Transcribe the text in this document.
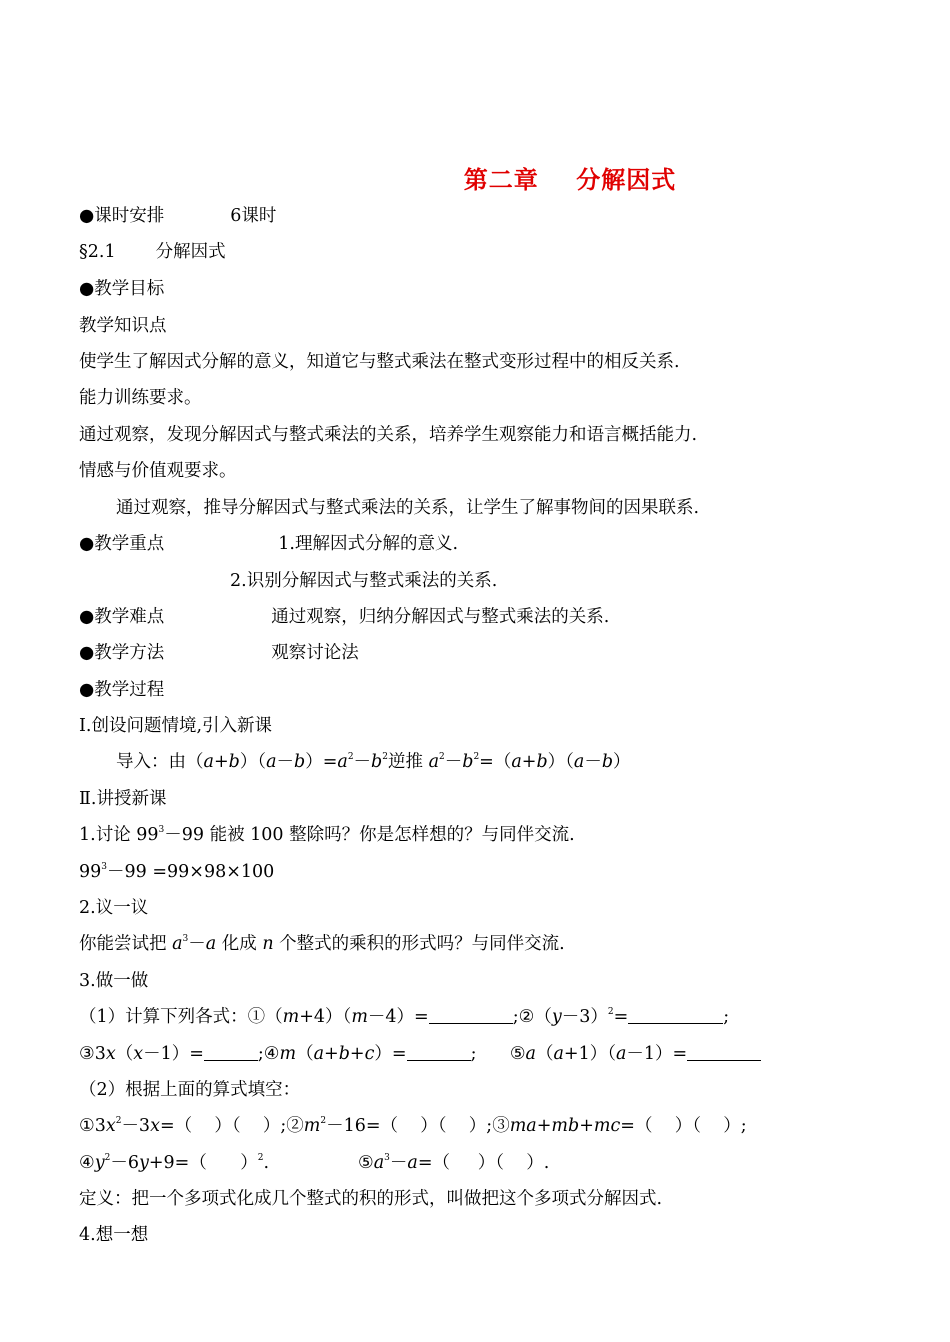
第二章    分解因式
●课时安排	6课时
§2.1 分解因式
●教学目标
教学知识点
使学生了解因式分解的意义，知道它与整式乘法在整式变形过程中的相反关系.
能力训练要求。
通过观察，发现分解因式与整式乘法的关系，培养学生观察能力和语言概括能力.
情感与价值观要求。
通过观察，推导分解因式与整式乘法的关系，让学生了解事物间的因果联系.
●教学重点	1.理解因式分解的意义.
2.识别分解因式与整式乘法的关系.
●教学难点	通过观察，归纳分解因式与整式乘法的关系.
●教学方法	观察讨论法
●教学过程
Ⅰ.创设问题情境,引入新课
导入：由$(a+b)(a-b)=a^2-b^2$逆推 $a^2-b^2=(a+b)(a-b)$
Ⅱ.讲授新课
1.讨论 $99^3-99$ 能被 100 整除吗？你是怎样想的？与同伴交流.
$99^3-99 =99\times 98\times 100$
2.议一议
你能尝试把 $a^3-a$ 化成 n 个整式的乘积的形式吗？与同伴交流.
3.做一做
（1）计算下列各式：①（m+4）（m－4）=	$;②(y-3)^2=$	;
③3x（x－1）=	;④m（a+b+c）=	;      ⑤a（a+1）（a－1）=
（2）根据上面的算式填空：
$①3x^2-3x=$（    ）（    ）$;②m^2-16=$（    ）（    ）;③ma+mb+mc=（    ）（    ）;
$④y^2-6y+9=$（      ）$^2$.                $⑤a^3-a=$（     ）（    ）.
定义：把一个多项式化成几个整式的积的形式，叫做把这个多项式分解因式.
4.想一想
